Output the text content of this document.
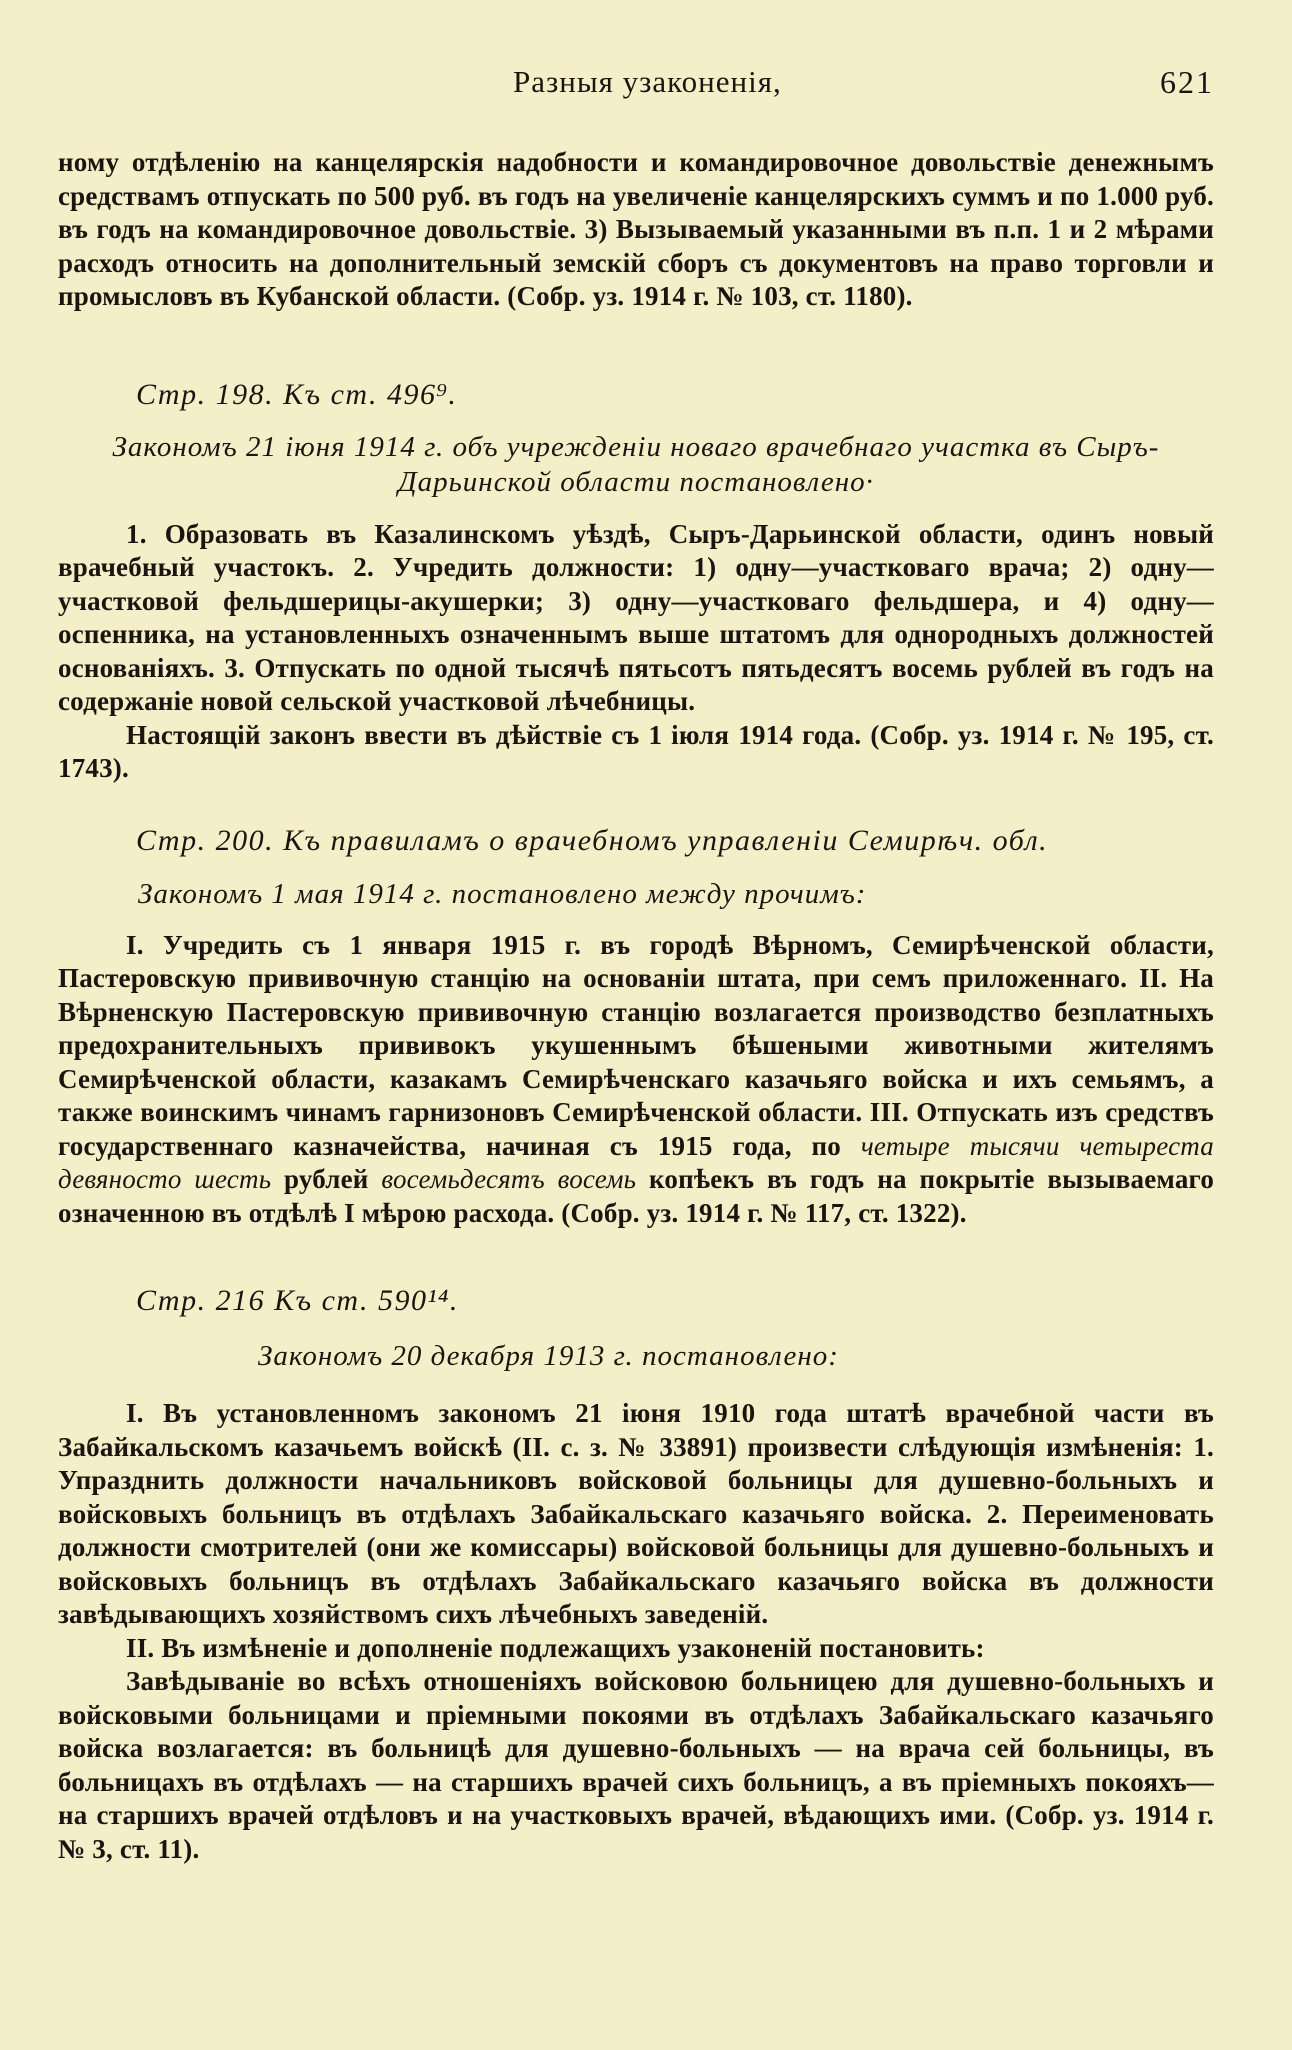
Разныя узаконенія,	621

ному отдѣленію на канцелярскія надобности и командировочное довольствіе денежнымъ средствамъ отпускать по 500 руб. въ годъ на увеличеніе канцелярскихъ суммъ и по 1.000 руб. въ годъ на командировочное довольствіе. 3) Вызываемый указанными въ п.п. 1 и 2 мѣрами расходъ относить на дополнительный земскій сборъ съ документовъ на право торговли и промысловъ въ Кубанской области. (Собр. уз. 1914 г. № 103, ст. 1180).

Стр. 198. Къ ст. 496⁹.

Закономъ 21 іюня 1914 г. объ учрежденіи новаго врачебнаго участка въ Сыръ-Дарьинской области постановлено·

1. Образовать въ Казалинскомъ уѣздѣ, Сыръ-Дарьинской области, одинъ новый врачебный участокъ. 2. Учредить должности: 1) одну—участковаго врача; 2) одну—участковой фельдшерицы-акушерки; 3) одну—участковаго фельдшера, и 4) одну—оспенника, на установленныхъ означеннымъ выше штатомъ для однородныхъ должностей основаніяхъ. 3. Отпускать по одной тысячѣ пятьсотъ пятьдесятъ восемь рублей въ годъ на содержаніе новой сельской участковой лѣчебницы.

Настоящій законъ ввести въ дѣйствіе съ 1 іюля 1914 года. (Собр. уз. 1914 г. № 195, ст. 1743).

Стр. 200. Къ правиламъ о врачебномъ управленіи Семирѣч. обл.

Закономъ 1 мая 1914 г. постановлено между прочимъ:

I. Учредить съ 1 января 1915 г. въ городѣ Вѣрномъ, Семирѣченской области, Пастеровскую прививочную станцію на основаніи штата, при семъ приложеннаго. II. На Вѣрненскую Пастеровскую прививочную станцію возлагается производство безплатныхъ предохранительныхъ прививокъ укушеннымъ бѣшеными животными жителямъ Семирѣченской области, казакамъ Семирѣченскаго казачьяго войска и ихъ семьямъ, а также воинскимъ чинамъ гарнизоновъ Семирѣченской области. III. Отпускать изъ средствъ государственнаго казначейства, начиная съ 1915 года, по четыре тысячи четыреста девяносто шесть рублей восемьдесятъ восемь копѣекъ въ годъ на покрытіе вызываемаго означенною въ отдѣлѣ I мѣрою расхода. (Собр. уз. 1914 г. № 117, ст. 1322).

Стр. 216 Къ ст. 590¹⁴.

Закономъ 20 декабря 1913 г. постановлено:

I. Въ установленномъ закономъ 21 іюня 1910 года штатѣ врачебной части въ Забайкальскомъ казачьемъ войскѣ (II. с. з. № 33891) произвести слѣдующія измѣненія: 1. Упразднить должности начальниковъ войсковой больницы для душевно-больныхъ и войсковыхъ больницъ въ отдѣлахъ Забайкальскаго казачьяго войска. 2. Переименовать должности смотрителей (они же комиссары) войсковой больницы для душевно-больныхъ и войсковыхъ больницъ въ отдѣлахъ Забайкальскаго казачьяго войска въ должности завѣдывающихъ хозяйствомъ сихъ лѣчебныхъ заведеній.

II. Въ измѣненіе и дополненіе подлежащихъ узаконеній постановить:

Завѣдываніе во всѣхъ отношеніяхъ войсковою больницею для душевно-больныхъ и войсковыми больницами и пріемными покоями въ отдѣлахъ Забайкальскаго казачьяго войска возлагается: въ больницѣ для душевно-больныхъ — на врача сей больницы, въ больницахъ въ отдѣлахъ — на старшихъ врачей сихъ больницъ, а въ пріемныхъ покояхъ—на старшихъ врачей отдѣловъ и на участковыхъ врачей, вѣдающихъ ими. (Собр. уз. 1914 г. № 3, ст. 11).
